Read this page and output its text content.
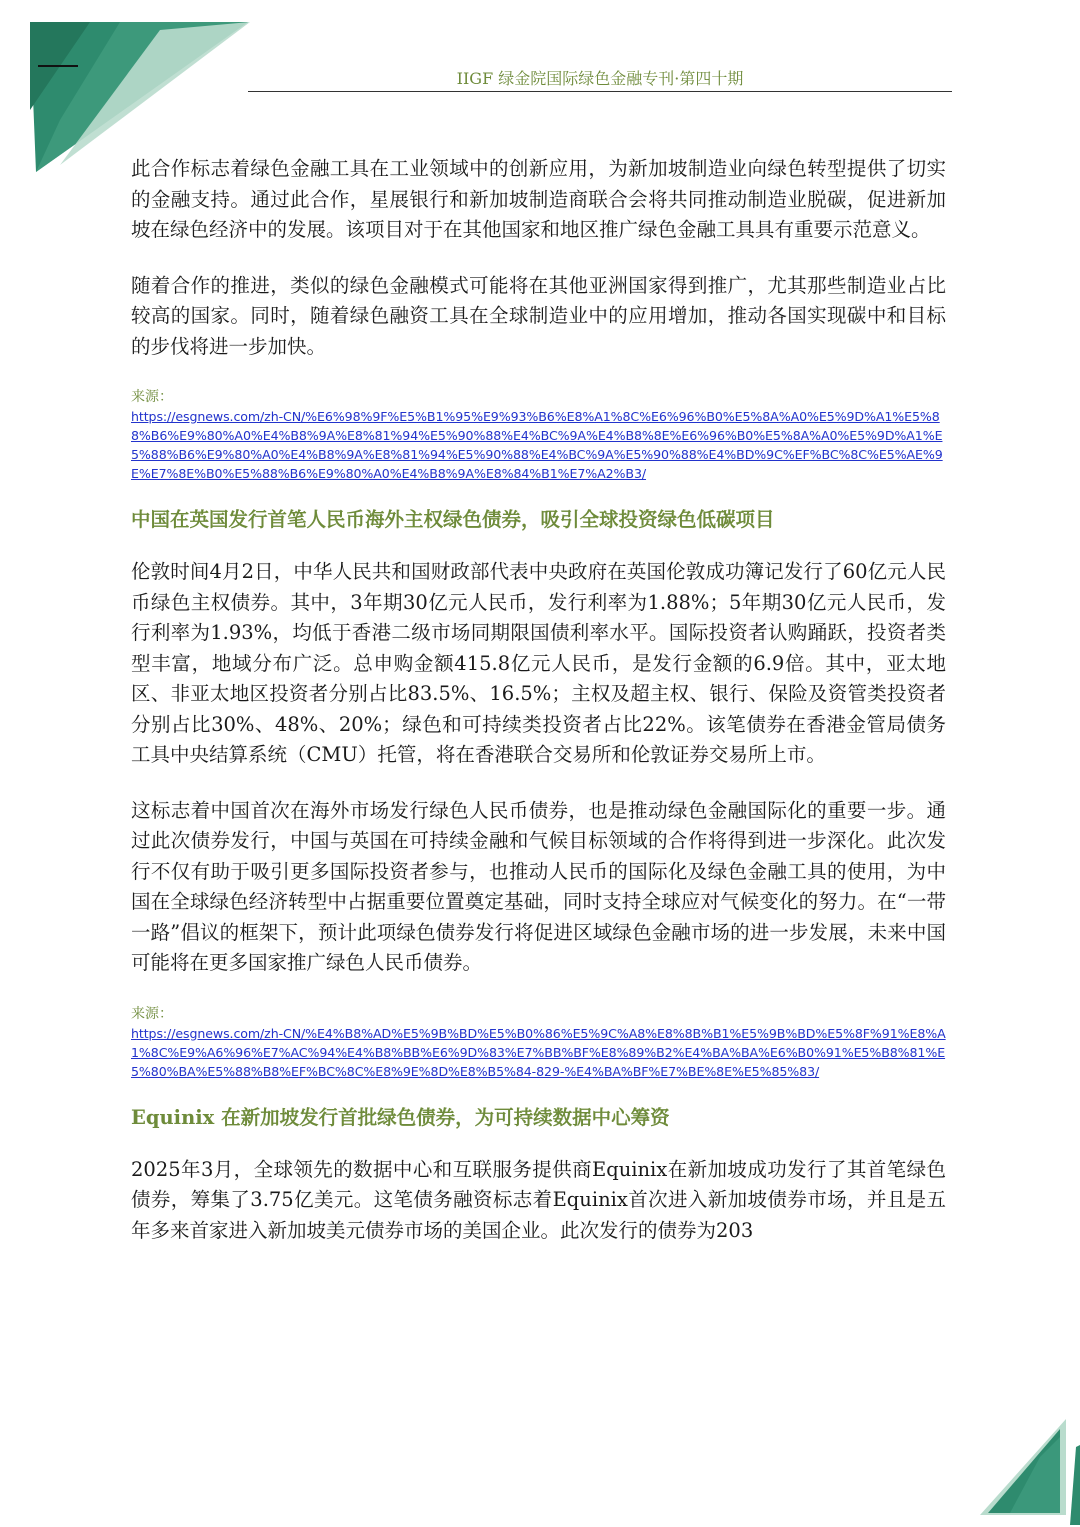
IIGF 绿金院国际绿色金融专刊·第四十期

此合作标志着绿色金融工具在工业领域中的创新应用，为新加坡制造业向绿色转型提供了切实的金融支持。通过此合作，星展银行和新加坡制造商联合会将共同推动制造业脱碳，促进新加坡在绿色经济中的发展。该项目对于在其他国家和地区推广绿色金融工具具有重要示范意义。

随着合作的推进，类似的绿色金融模式可能将在其他亚洲国家得到推广，尤其那些制造业占比较高的国家。同时，随着绿色融资工具在全球制造业中的应用增加，推动各国实现碳中和目标的步伐将进一步加快。

来源：

https://esgnews.com/zh-CN/%E6%98%9F%E5%B1%95%E9%93%B6%E8%A1%8C%E6%96%B0%E5%8A%A0%E5%9D%A1%E5%88%B6%E9%80%A0%E4%B8%9A%E8%81%94%E5%90%88%E4%BC%9A%E4%B8%8E%E6%96%B0%E5%8A%A0%E5%9D%A1%E5%88%B6%E9%80%A0%E4%B8%9A%E8%81%94%E5%90%88%E4%BC%9A%E5%90%88%E4%BD%9C%EF%BC%8C%E5%AE%9E%E7%8E%B0%E5%88%B6%E9%80%A0%E4%B8%9A%E8%84%B1%E7%A2%B3/
中国在英国发行首笔人民币海外主权绿色债券，吸引全球投资绿色低碳项目

伦敦时间4月2日，中华人民共和国财政部代表中央政府在英国伦敦成功簿记发行了60亿元人民币绿色主权债券。其中，3年期30亿元人民币，发行利率为1.88%；5年期30亿元人民币，发行利率为1.93%，均低于香港二级市场同期限国债利率水平。国际投资者认购踊跃，投资者类型丰富，地域分布广泛。总申购金额415.8亿元人民币，是发行金额的6.9倍。其中，亚太地区、非亚太地区投资者分别占比83.5%、16.5%；主权及超主权、银行、保险及资管类投资者分别占比30%、48%、20%；绿色和可持续类投资者占比22%。该笔债券在香港金管局债务工具中央结算系统（CMU）托管，将在香港联合交易所和伦敦证券交易所上市。

这标志着中国首次在海外市场发行绿色人民币债券，也是推动绿色金融国际化的重要一步。通过此次债券发行，中国与英国在可持续金融和气候目标领域的合作将得到进一步深化。此次发行不仅有助于吸引更多国际投资者参与，也推动人民币的国际化及绿色金融工具的使用，为中国在全球绿色经济转型中占据重要位置奠定基础，同时支持全球应对气候变化的努力。在“一带一路”倡议的框架下，预计此项绿色债券发行将促进区域绿色金融市场的进一步发展，未来中国可能将在更多国家推广绿色人民币债券。

来源：

https://esgnews.com/zh-CN/%E4%B8%AD%E5%9B%BD%E5%B0%86%E5%9C%A8%E8%8B%B1%E5%9B%BD%E5%8F%91%E8%A1%8C%E9%A6%96%E7%AC%94%E4%B8%BB%E6%9D%83%E7%BB%BF%E8%89%B2%E4%BA%BA%E6%B0%91%E5%B8%81%E5%80%BA%E5%88%B8%EF%BC%8C%E8%9E%8D%E8%B5%84-829-%E4%BA%BF%E7%BE%8E%E5%85%83/
Equinix 在新加坡发行首批绿色债券，为可持续数据中心筹资

2025年3月，全球领先的数据中心和互联服务提供商Equinix在新加坡成功发行了其首笔绿色债券，筹集了3.75亿美元。这笔债务融资标志着Equinix首次进入新加坡债券市场，并且是五年多来首家进入新加坡美元债券市场的美国企业。此次发行的债券为203
